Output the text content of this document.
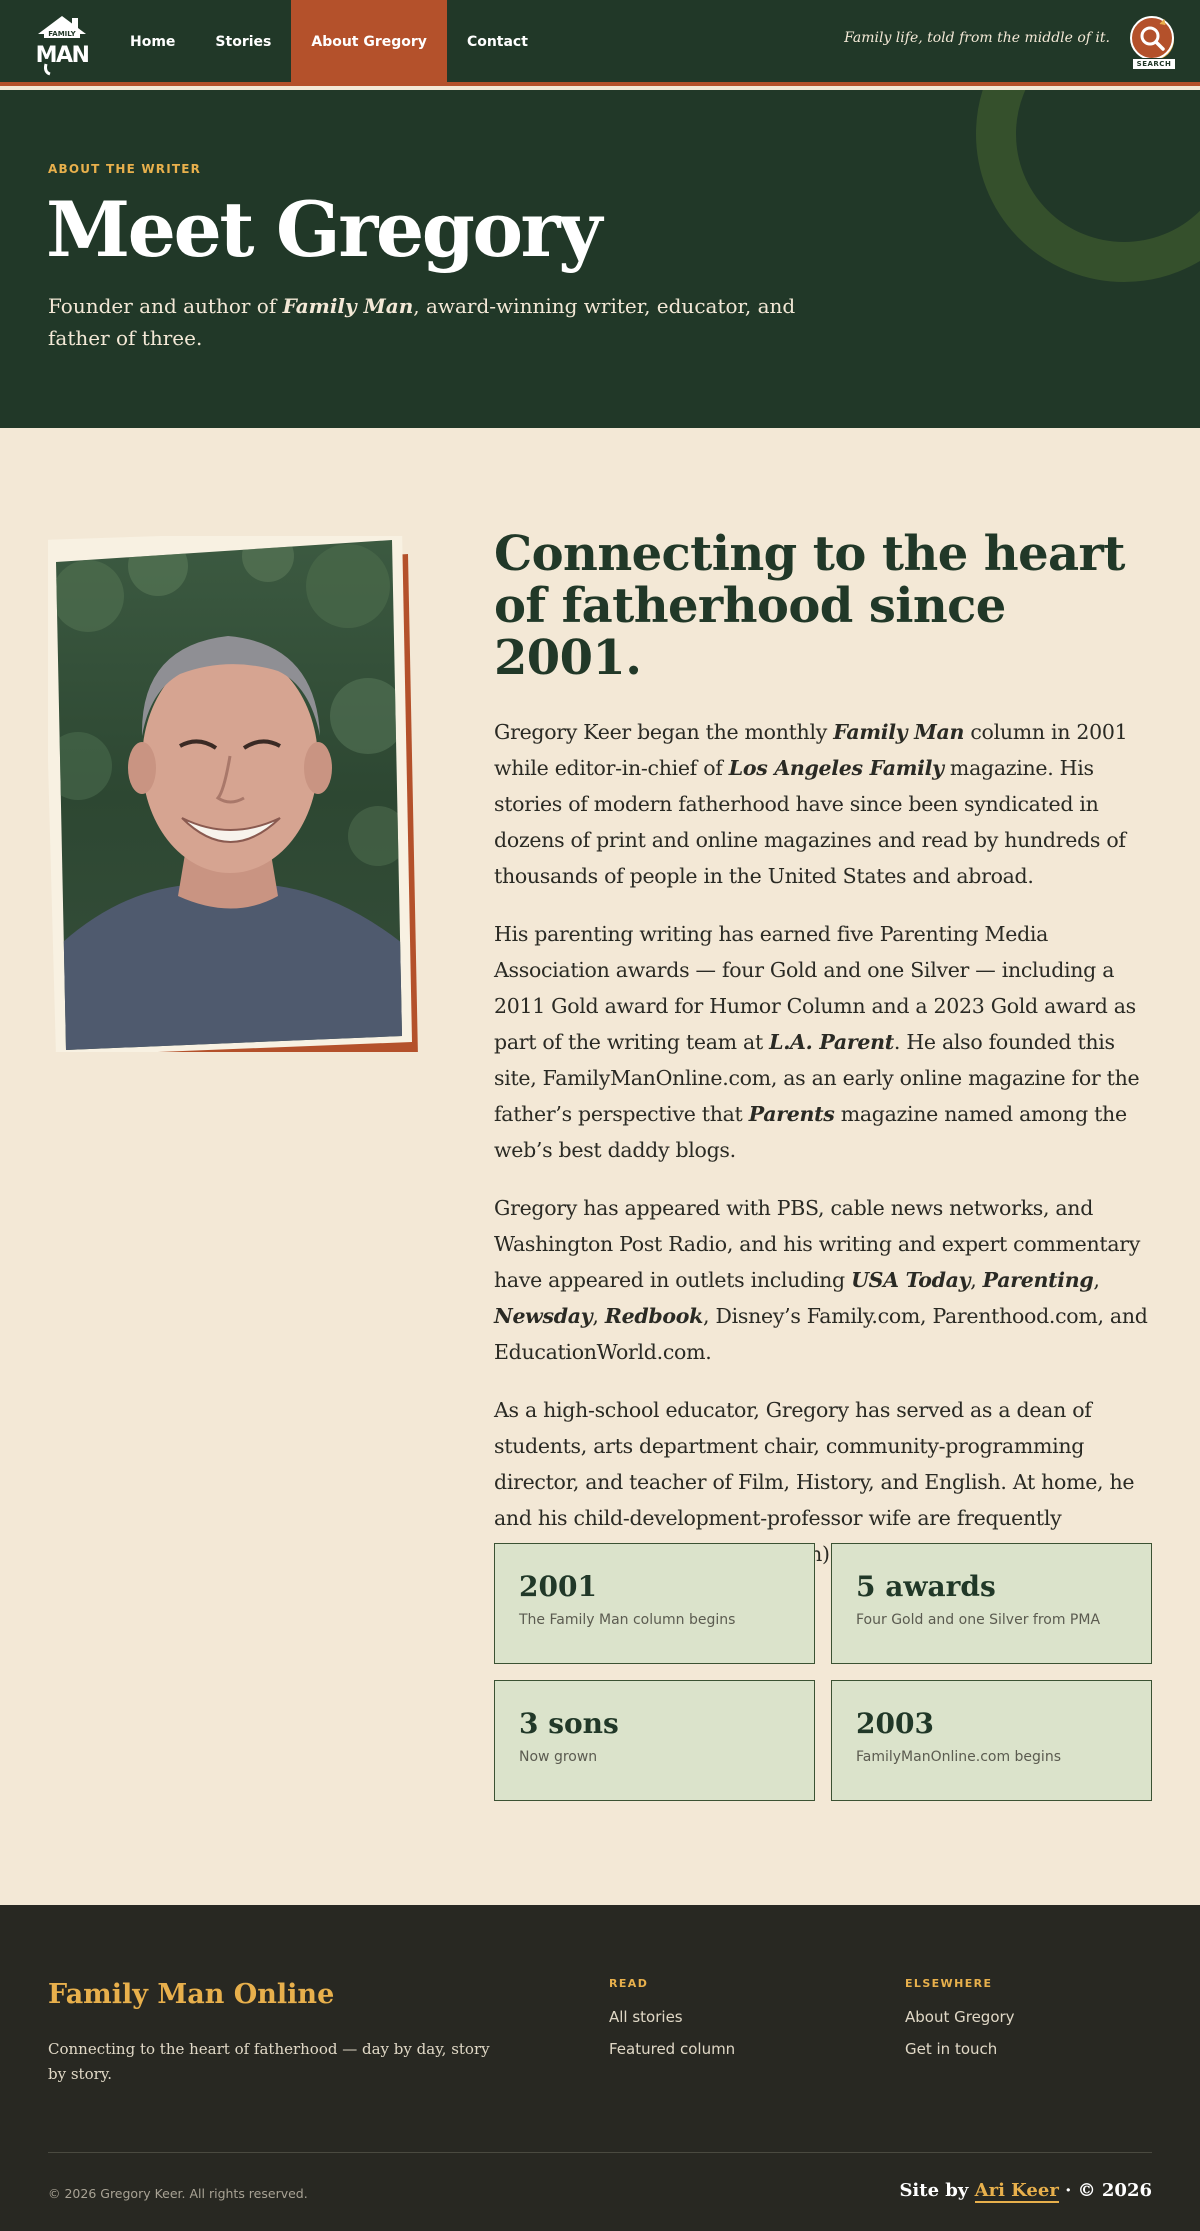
FAMILY
MAN
Home	Stories	About Gregory	Contact	Family life, told from the middle of it.
SEARCH
ABOUT THE WRITER
Meet Gregory

Founder and author of Family Man, award-winning writer, educator, and father of three.

Connecting to the heart of fatherhood since 2001.

Gregory Keer began the monthly Family Man column in 2001 while editor-in-chief of Los Angeles Family magazine. His stories of modern fatherhood have since been syndicated in dozens of print and online magazines and read by hundreds of thousands of people in the United States and abroad.

His parenting writing has earned five Parenting Media Association awards — four Gold and one Silver — including a 2011 Gold award for Humor Column and a 2023 Gold award as part of the writing team at L.A. Parent. He also founded this site, FamilyManOnline.com, as an early online magazine for the father’s perspective that Parents magazine named among the web’s best daddy blogs.

Gregory has appeared with PBS, cable news networks, and Washington Post Radio, and his writing and expert commentary have appeared in outlets including USA Today, Parenting, Newsday, Redbook, Disney’s Family.com, Parenthood.com, and EducationWorld.com.

As a high-school educator, Gregory has served as a dean of students, arts department chair, community-programming director, and teacher of Film, History, and English. At home, he and his child-development-professor wife are frequently

2001
The Family Man column begins
5 awards
Four Gold and one Silver from PMA
3 sons
Now grown
2003
FamilyManOnline.com begins
Family Man Online

Connecting to the heart of fatherhood — day by day, story by story.

READ
All stories
Featured column
ELSEWHERE
About Gregory
Get in touch
© 2026 Gregory Keer. All rights reserved.	Site by Ari Keer · © 2026
